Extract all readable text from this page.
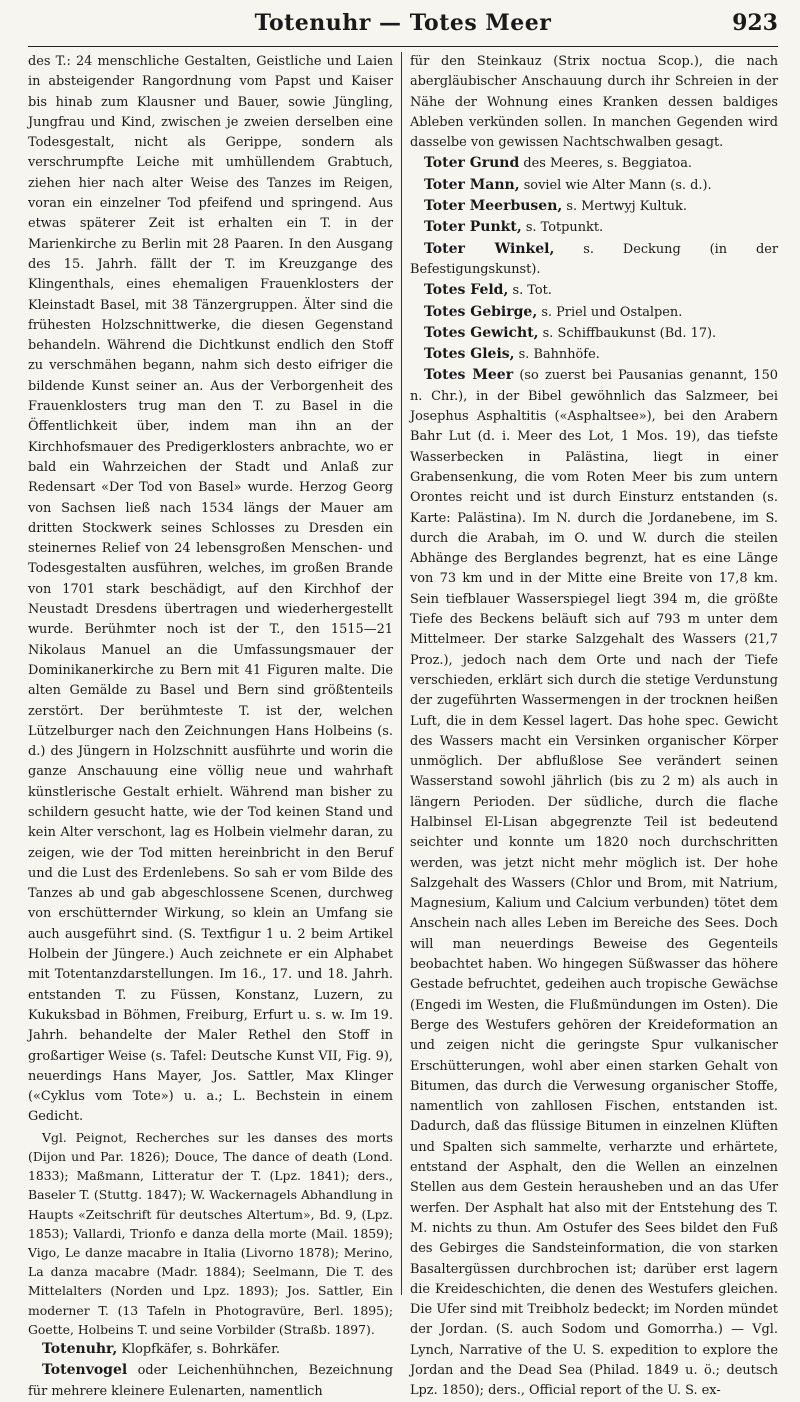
Totenuhr — Totes Meer	923

des T.: 24 menschliche Gestalten, Geistliche und Laien in absteigender Rangordnung vom Papst und Kaiser bis hinab zum Klausner und Bauer, sowie Jüngling, Jungfrau und Kind, zwischen je zweien derselben eine Todesgestalt, nicht als Gerippe, sondern als verschrumpfte Leiche mit umhüllendem Grabtuch, ziehen hier nach alter Weise des Tanzes im Reigen, voran ein einzelner Tod pfeifend und springend. Aus etwas späterer Zeit ist erhalten ein T. in der Marienkirche zu Berlin mit 28 Paaren. In den Ausgang des 15. Jahrh. fällt der T. im Kreuzgange des Klingenthals, eines ehemaligen Frauenklosters der Kleinstadt Basel, mit 38 Tänzergruppen. Älter sind die frühesten Holzschnittwerke, die diesen Gegenstand behandeln. Während die Dichtkunst endlich den Stoff zu verschmähen begann, nahm sich desto eifriger die bildende Kunst seiner an. Aus der Verborgenheit des Frauenklosters trug man den T. zu Basel in die Öffentlichkeit über, indem man ihn an der Kirchhofsmauer des Predigerklosters anbrachte, wo er bald ein Wahrzeichen der Stadt und Anlaß zur Redensart «Der Tod von Basel» wurde. Herzog Georg von Sachsen ließ nach 1534 längs der Mauer am dritten Stockwerk seines Schlosses zu Dresden ein steinernes Relief von 24 lebensgroßen Menschen- und Todesgestalten ausführen, welches, im großen Brande von 1701 stark beschädigt, auf den Kirchhof der Neustadt Dresdens übertragen und wiederhergestellt wurde. Berühmter noch ist der T., den 1515—21 Nikolaus Manuel an die Umfassungsmauer der Dominikanerkirche zu Bern mit 41 Figuren malte. Die alten Gemälde zu Basel und Bern sind größtenteils zerstört. Der berühmteste T. ist der, welchen Lützelburger nach den Zeichnungen Hans Holbeins (s. d.) des Jüngern in Holzschnitt ausführte und worin die ganze Anschauung eine völlig neue und wahrhaft künstlerische Gestalt erhielt. Während man bisher zu schildern gesucht hatte, wie der Tod keinen Stand und kein Alter verschont, lag es Holbein vielmehr daran, zu zeigen, wie der Tod mitten hereinbricht in den Beruf und die Lust des Erdenlebens. So sah er vom Bilde des Tanzes ab und gab abgeschlossene Scenen, durchweg von erschütternder Wirkung, so klein an Umfang sie auch ausgeführt sind. (S. Textfigur 1 u. 2 beim Artikel Holbein der Jüngere.) Auch zeichnete er ein Alphabet mit Totentanzdarstellungen. Im 16., 17. und 18. Jahrh. entstanden T. zu Füssen, Konstanz, Luzern, zu Kukuksbad in Böhmen, Freiburg, Erfurt u. s. w. Im 19. Jahrh. behandelte der Maler Rethel den Stoff in großartiger Weise (s. Tafel: Deutsche Kunst VII, Fig. 9), neuerdings Hans Mayer, Jos. Sattler, Max Klinger («Cyklus vom Tote») u. a.; L. Bechstein in einem Gedicht.

Vgl. Peignot, Recherches sur les danses des morts (Dijon und Par. 1826); Douce, The dance of death (Lond. 1833); Maßmann, Litteratur der T. (Lpz. 1841); ders., Baseler T. (Stuttg. 1847); W. Wackernagels Abhandlung in Haupts «Zeitschrift für deutsches Altertum», Bd. 9, (Lpz. 1853); Vallardi, Trionfo e danza della morte (Mail. 1859); Vigo, Le danze macabre in Italia (Livorno 1878); Merino, La danza macabre (Madr. 1884); Seelmann, Die T. des Mittelalters (Norden und Lpz. 1893); Jos. Sattler, Ein moderner T. (13 Tafeln in Photogravüre, Berl. 1895); Goette, Holbeins T. und seine Vorbilder (Straßb. 1897).

Totenuhr, Klopfkäfer, s. Bohrkäfer.

Totenvogel oder Leichenhühnchen, Bezeichnung für mehrere kleinere Eulenarten, namentlich

für den Steinkauz (Strix noctua Scop.), die nach abergläubischer Anschauung durch ihr Schreien in der Nähe der Wohnung eines Kranken dessen baldiges Ableben verkünden sollen. In manchen Gegenden wird dasselbe von gewissen Nachtschwalben gesagt.

Toter Grund des Meeres, s. Beggiatoa.

Toter Mann, soviel wie Alter Mann (s. d.).

Toter Meerbusen, s. Mertwyj Kultuk.

Toter Punkt, s. Totpunkt.

Toter Winkel, s. Deckung (in der Befestigungskunst).

Totes Feld, s. Tot.

Totes Gebirge, s. Priel und Ostalpen.

Totes Gewicht, s. Schiffbaukunst (Bd. 17).

Totes Gleis, s. Bahnhöfe.

Totes Meer (so zuerst bei Pausanias genannt, 150 n. Chr.), in der Bibel gewöhnlich das Salzmeer, bei Josephus Asphaltitis («Asphaltsee»), bei den Arabern Bahr Lut (d. i. Meer des Lot, 1 Mos. 19), das tiefste Wasserbecken in Palästina, liegt in einer Grabensenkung, die vom Roten Meer bis zum untern Orontes reicht und ist durch Einsturz entstanden (s. Karte: Palästina). Im N. durch die Jordanebene, im S. durch die Arabah, im O. und W. durch die steilen Abhänge des Berglandes begrenzt, hat es eine Länge von 73 km und in der Mitte eine Breite von 17,8 km. Sein tiefblauer Wasserspiegel liegt 394 m, die größte Tiefe des Beckens beläuft sich auf 793 m unter dem Mittelmeer. Der starke Salzgehalt des Wassers (21,7 Proz.), jedoch nach dem Orte und nach der Tiefe verschieden, erklärt sich durch die stetige Verdunstung der zugeführten Wassermengen in der trocknen heißen Luft, die in dem Kessel lagert. Das hohe spec. Gewicht des Wassers macht ein Versinken organischer Körper unmöglich. Der abflußlose See verändert seinen Wasserstand sowohl jährlich (bis zu 2 m) als auch in längern Perioden. Der südliche, durch die flache Halbinsel El-Lisan abgegrenzte Teil ist bedeutend seichter und konnte um 1820 noch durchschritten werden, was jetzt nicht mehr möglich ist. Der hohe Salzgehalt des Wassers (Chlor und Brom, mit Natrium, Magnesium, Kalium und Calcium verbunden) tötet dem Anschein nach alles Leben im Bereiche des Sees. Doch will man neuerdings Beweise des Gegenteils beobachtet haben. Wo hingegen Süßwasser das höhere Gestade befruchtet, gedeihen auch tropische Gewächse (Engedi im Westen, die Flußmündungen im Osten). Die Berge des Westufers gehören der Kreideformation an und zeigen nicht die geringste Spur vulkanischer Erschütterungen, wohl aber einen starken Gehalt von Bitumen, das durch die Verwesung organischer Stoffe, namentlich von zahllosen Fischen, entstanden ist. Dadurch, daß das flüssige Bitumen in einzelnen Klüften und Spalten sich sammelte, verharzte und erhärtete, entstand der Asphalt, den die Wellen an einzelnen Stellen aus dem Gestein herausheben und an das Ufer werfen. Der Asphalt hat also mit der Entstehung des T. M. nichts zu thun. Am Ostufer des Sees bildet den Fuß des Gebirges die Sandsteinformation, die von starken Basaltergüssen durchbrochen ist; darüber erst lagern die Kreideschichten, die denen des Westufers gleichen. Die Ufer sind mit Treibholz bedeckt; im Norden mündet der Jordan. (S. auch Sodom und Gomorrha.) — Vgl. Lynch, Narrative of the U. S. expedition to explore the Jordan and the Dead Sea (Philad. 1849 u. ö.; deutsch Lpz. 1850); ders., Official report of the U. S. ex-
